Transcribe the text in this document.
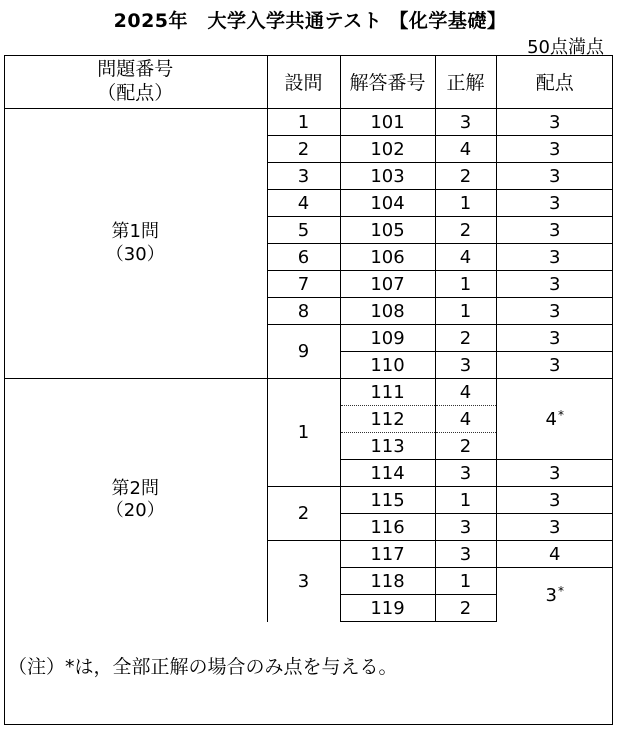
2025年　大学入学共通テスト 【化学基礎】
50点満点
問題番号
（配点）	設問	解答番号	正解	配点
第1問
（30）	1	101	3	3
	2	102	4	3
	3	103	2	3
	4	104	1	3
	5	105	2	3
	6	106	4	3
	7	107	1	3
	8	108	1	3
	9	109	2	3
		110	3	3
第2問
（20）	1	111	4	4*
		112	4	
		113	2	
		114	3	3
	2	115	1	3
		116	3	3
	3	117	3	4
		118	1	3*
		119	2	
（注）*は，全部正解の場合のみ点を与える。
